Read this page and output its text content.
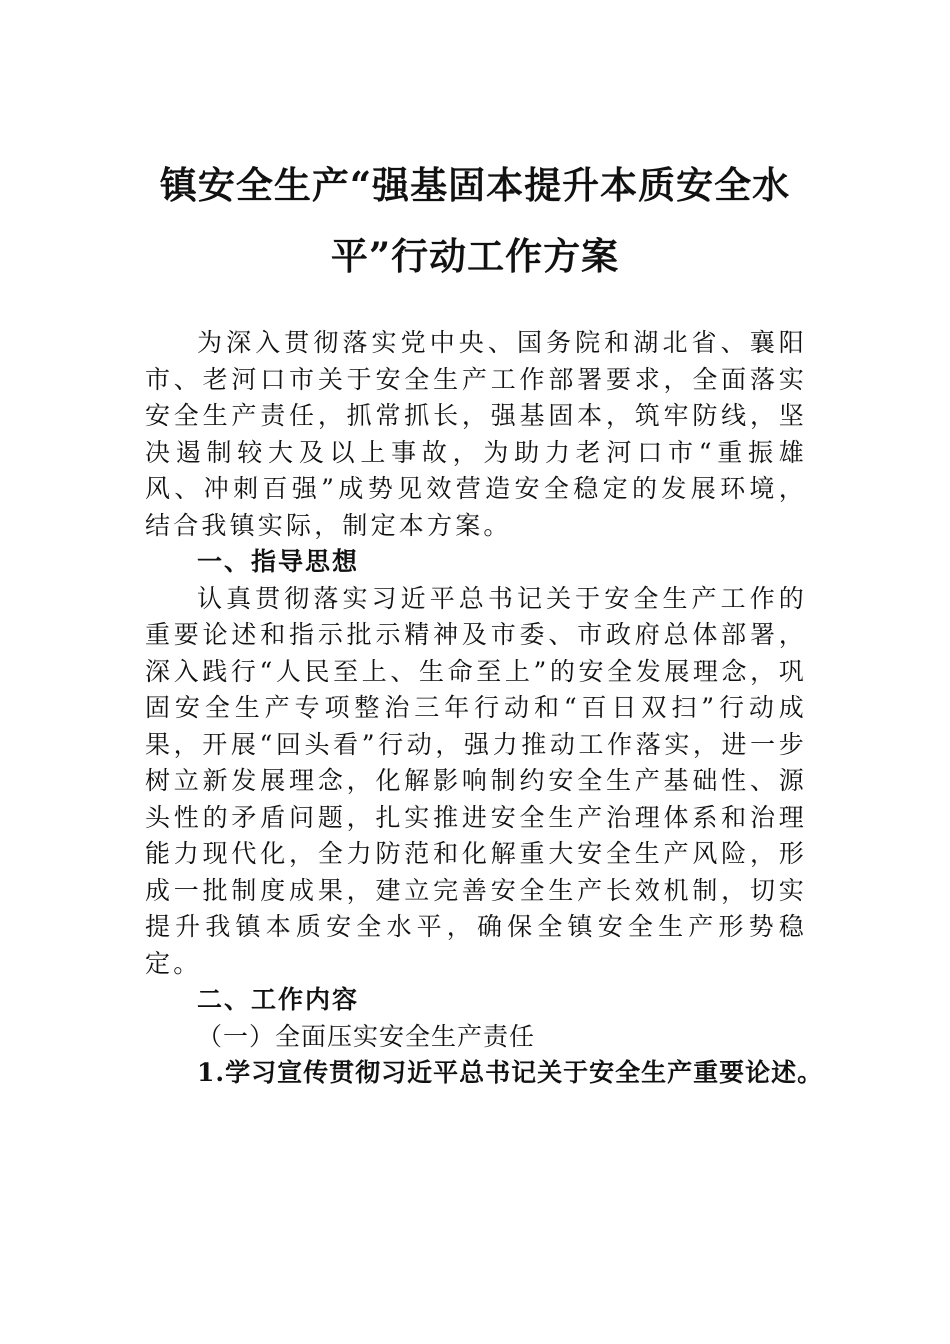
镇安全生产“强基固本提升本质安全水
平”行动工作方案

为深入贯彻落实党中央、国务院和湖北省、襄阳市、老河口市关于安全生产工作部署要求，全面落实安全生产责任，抓常抓长，强基固本，筑牢防线，坚决遏制较大及以上事故，为助力老河口市“重振雄风、冲刺百强”成势见效营造安全稳定的发展环境，结合我镇实际，制定本方案。

一、指导思想

认真贯彻落实习近平总书记关于安全生产工作的重要论述和指示批示精神及市委、市政府总体部署，深入践行“人民至上、生命至上”的安全发展理念，巩固安全生产专项整治三年行动和“百日双扫”行动成果，开展“回头看”行动，强力推动工作落实，进一步树立新发展理念，化解影响制约安全生产基础性、源头性的矛盾问题，扎实推进安全生产治理体系和治理能力现代化，全力防范和化解重大安全生产风险，形成一批制度成果，建立完善安全生产长效机制，切实提升我镇本质安全水平，确保全镇安全生产形势稳定。

二、工作内容

（一）全面压实安全生产责任

1.学习宣传贯彻习近平总书记关于安全生产重要论述。
